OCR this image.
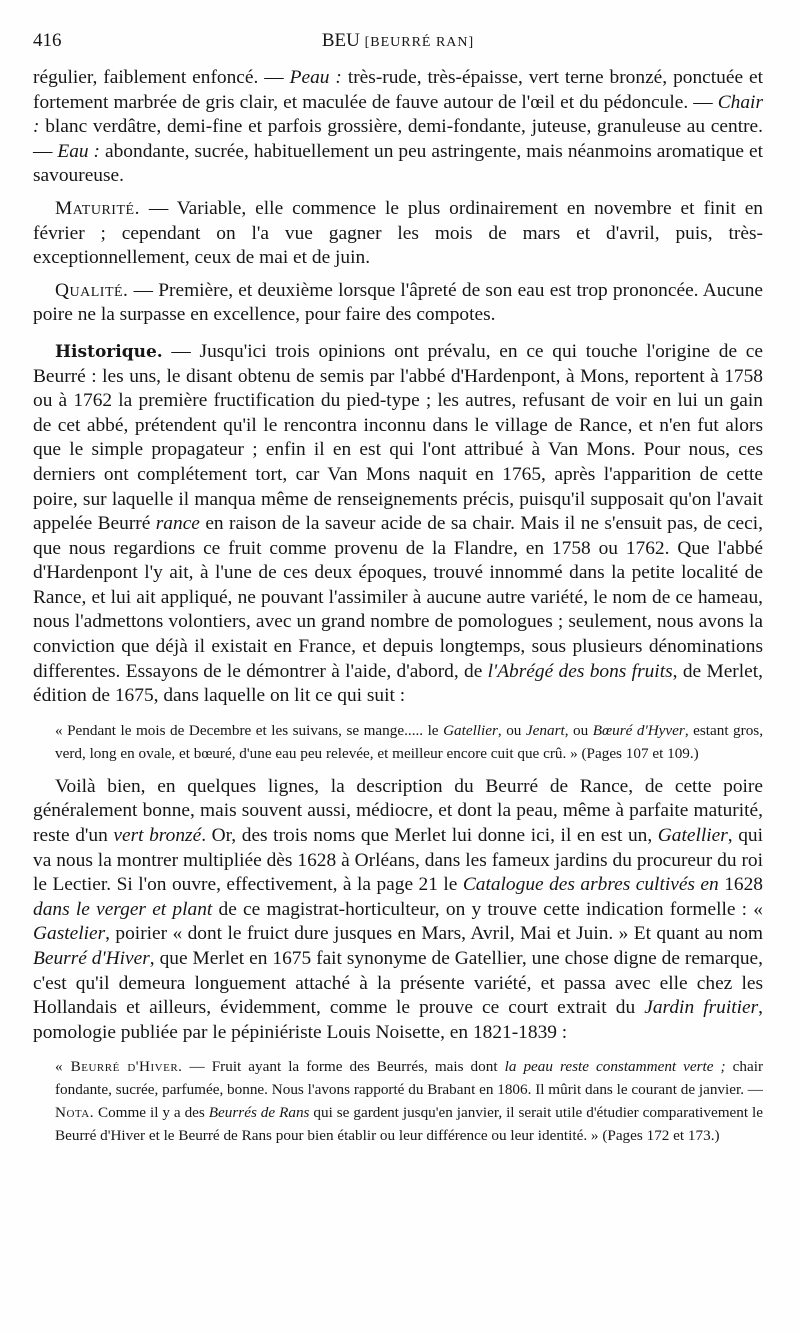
416	BEU [BEURRÉ RAN]

régulier, faiblement enfoncé. — Peau : très-rude, très-épaisse, vert terne bronzé, ponctuée et fortement marbrée de gris clair, et maculée de fauve autour de l'œil et du pédoncule. — Chair : blanc verdâtre, demi-fine et parfois grossière, demi-fondante, juteuse, granuleuse au centre. — Eau : abondante, sucrée, habituellement un peu astringente, mais néanmoins aromatique et savoureuse.

Maturité. — Variable, elle commence le plus ordinairement en novembre et finit en février ; cependant on l'a vue gagner les mois de mars et d'avril, puis, très-exceptionnellement, ceux de mai et de juin.

Qualité. — Première, et deuxième lorsque l'âpreté de son eau est trop prononcée. Aucune poire ne la surpasse en excellence, pour faire des compotes.

Historique. — Jusqu'ici trois opinions ont prévalu, en ce qui touche l'origine de ce Beurré : les uns, le disant obtenu de semis par l'abbé d'Hardenpont, à Mons, reportent à 1758 ou à 1762 la première fructification du pied-type ; les autres, refusant de voir en lui un gain de cet abbé, prétendent qu'il le rencontra inconnu dans le village de Rance, et n'en fut alors que le simple propagateur ; enfin il en est qui l'ont attribué à Van Mons. Pour nous, ces derniers ont complétement tort, car Van Mons naquit en 1765, après l'apparition de cette poire, sur laquelle il manqua même de renseignements précis, puisqu'il supposait qu'on l'avait appelée Beurré rance en raison de la saveur acide de sa chair. Mais il ne s'ensuit pas, de ceci, que nous regardions ce fruit comme provenu de la Flandre, en 1758 ou 1762. Que l'abbé d'Hardenpont l'y ait, à l'une de ces deux époques, trouvé innommé dans la petite localité de Rance, et lui ait appliqué, ne pouvant l'assimiler à aucune autre variété, le nom de ce hameau, nous l'admettons volontiers, avec un grand nombre de pomologues ; seulement, nous avons la conviction que déjà il existait en France, et depuis longtemps, sous plusieurs dénominations differentes. Essayons de le démontrer à l'aide, d'abord, de l'Abrégé des bons fruits, de Merlet, édition de 1675, dans laquelle on lit ce qui suit :

« Pendant le mois de Decembre et les suivans, se mange..... le Gatellier, ou Jenart, ou Bœuré d'Hyver, estant gros, verd, long en ovale, et bœuré, d'une eau peu relevée, et meilleur encore cuit que crû. » (Pages 107 et 109.)

Voilà bien, en quelques lignes, la description du Beurré de Rance, de cette poire généralement bonne, mais souvent aussi, médiocre, et dont la peau, même à parfaite maturité, reste d'un vert bronzé. Or, des trois noms que Merlet lui donne ici, il en est un, Gatellier, qui va nous la montrer multipliée dès 1628 à Orléans, dans les fameux jardins du procureur du roi le Lectier. Si l'on ouvre, effectivement, à la page 21 le Catalogue des arbres cultivés en 1628 dans le verger et plant de ce magistrat-horticulteur, on y trouve cette indication formelle : « Gastelier, poirier « dont le fruict dure jusques en Mars, Avril, Mai et Juin. » Et quant au nom Beurré d'Hiver, que Merlet en 1675 fait synonyme de Gatellier, une chose digne de remarque, c'est qu'il demeura longuement attaché à la présente variété, et passa avec elle chez les Hollandais et ailleurs, évidemment, comme le prouve ce court extrait du Jardin fruitier, pomologie publiée par le pépiniériste Louis Noisette, en 1821-1839 :

« Beurré d'Hiver. — Fruit ayant la forme des Beurrés, mais dont la peau reste constamment verte ; chair fondante, sucrée, parfumée, bonne. Nous l'avons rapporté du Brabant en 1806. Il mûrit dans le courant de janvier. — Nota. Comme il y a des Beurrés de Rans qui se gardent jusqu'en janvier, il serait utile d'étudier comparativement le Beurré d'Hiver et le Beurré de Rans pour bien établir ou leur différence ou leur identité. » (Pages 172 et 173.)
